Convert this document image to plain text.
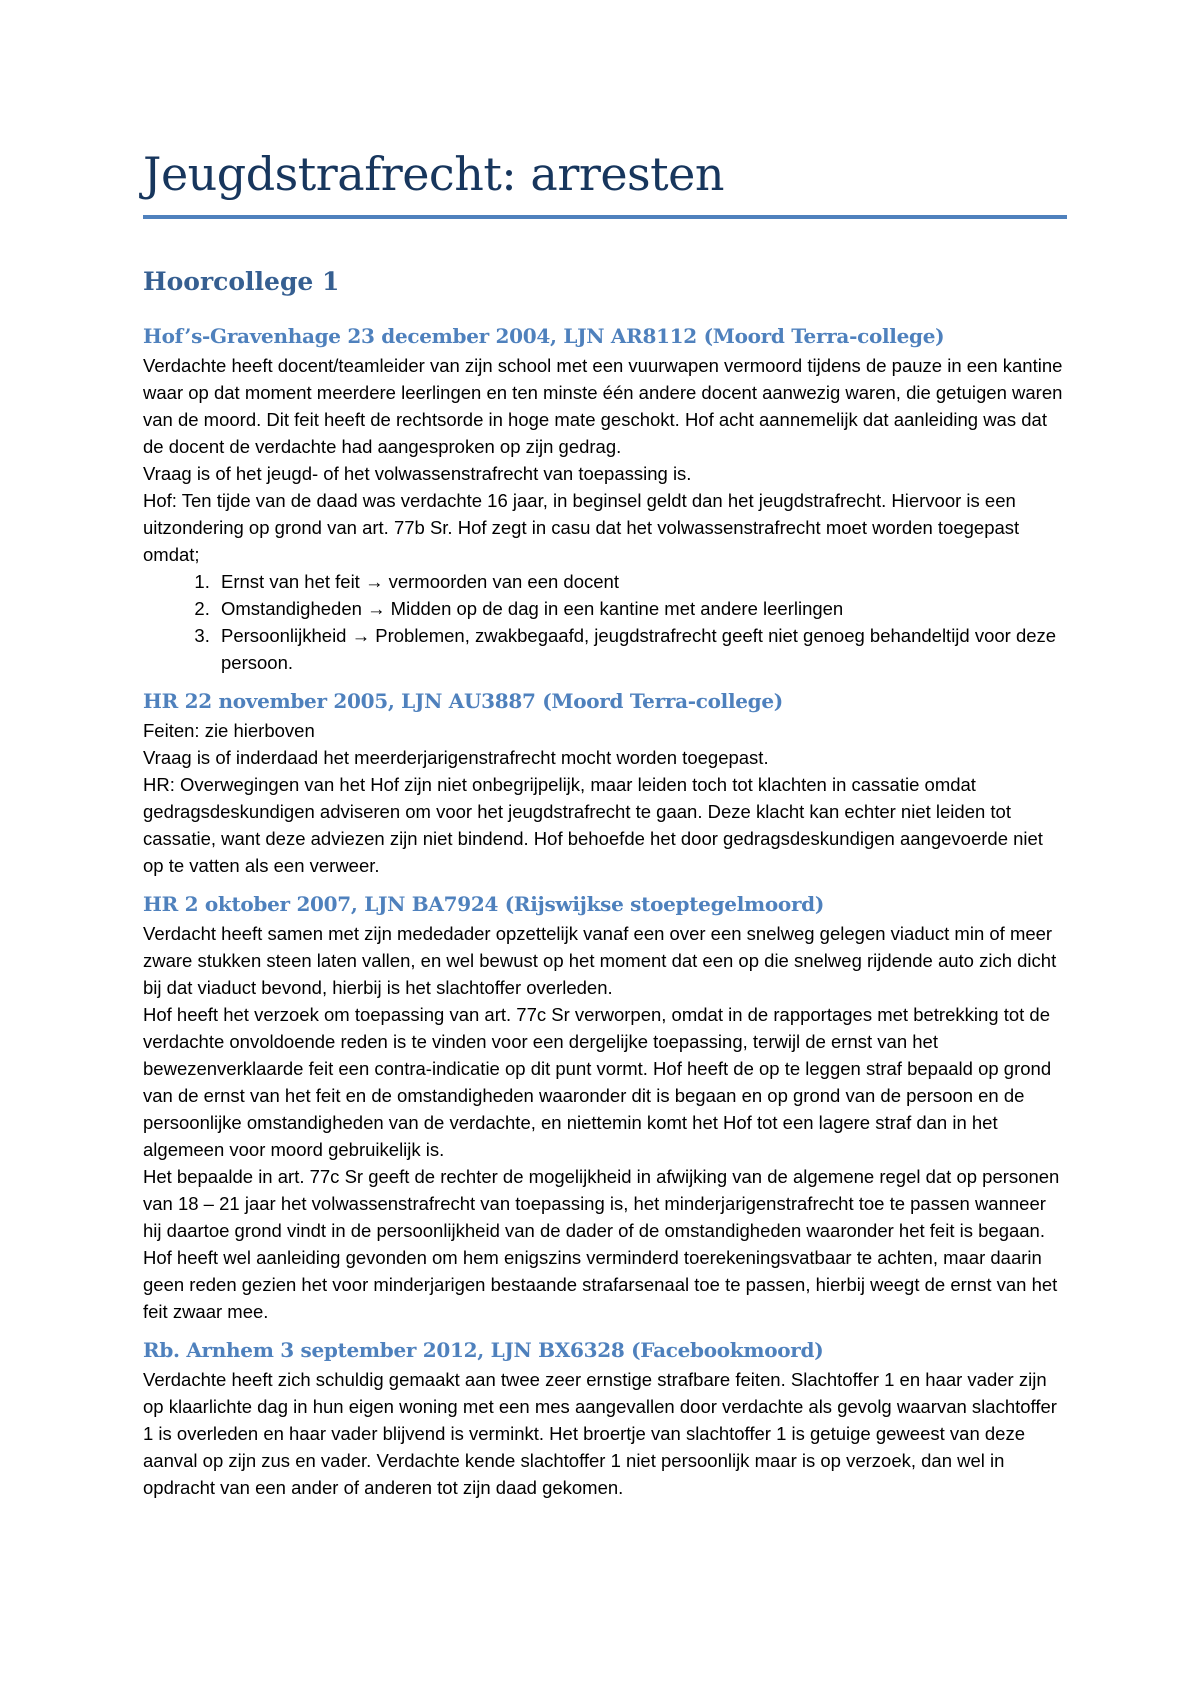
Jeugdstrafrecht: arresten
Hoorcollege 1
Hof’s-Gravenhage 23 december 2004, LJN AR8112 (Moord Terra-college)

Verdachte heeft docent/teamleider van zijn school met een vuurwapen vermoord tijdens de pauze in een kantine waar op dat moment meerdere leerlingen en ten minste één andere docent aanwezig waren, die getuigen waren van de moord. Dit feit heeft de rechtsorde in hoge mate geschokt. Hof acht aannemelijk dat aanleiding was dat de docent de verdachte had aangesproken op zijn gedrag.

Vraag is of het jeugd- of het volwassenstrafrecht van toepassing is.

Hof: Ten tijde van de daad was verdachte 16 jaar, in beginsel geldt dan het jeugdstrafrecht. Hiervoor is een uitzondering op grond van art. 77b Sr. Hof zegt in casu dat het volwassenstrafrecht moet worden toegepast omdat;

1. Ernst van het feit → vermoorden van een docent
2. Omstandigheden → Midden op de dag in een kantine met andere leerlingen
3. Persoonlijkheid → Problemen, zwakbegaafd, jeugdstrafrecht geeft niet genoeg behandeltijd voor deze persoon.
HR 22 november 2005, LJN AU3887 (Moord Terra-college)

Feiten: zie hierboven

Vraag is of inderdaad het meerderjarigenstrafrecht mocht worden toegepast.

HR: Overwegingen van het Hof zijn niet onbegrijpelijk, maar leiden toch tot klachten in cassatie omdat gedragsdeskundigen adviseren om voor het jeugdstrafrecht te gaan. Deze klacht kan echter niet leiden tot cassatie, want deze adviezen zijn niet bindend. Hof behoefde het door gedragsdeskundigen aangevoerde niet op te vatten als een verweer.

HR 2 oktober 2007, LJN BA7924 (Rijswijkse stoeptegelmoord)

Verdacht heeft samen met zijn mededader opzettelijk vanaf een over een snelweg gelegen viaduct min of meer zware stukken steen laten vallen, en wel bewust op het moment dat een op die snelweg rijdende auto zich dicht bij dat viaduct bevond, hierbij is het slachtoffer overleden.

Hof heeft het verzoek om toepassing van art. 77c Sr verworpen, omdat in de rapportages met betrekking tot de verdachte onvoldoende reden is te vinden voor een dergelijke toepassing, terwijl de ernst van het bewezenverklaarde feit een contra-indicatie op dit punt vormt. Hof heeft de op te leggen straf bepaald op grond van de ernst van het feit en de omstandigheden waaronder dit is begaan en op grond van de persoon en de persoonlijke omstandigheden van de verdachte, en niettemin komt het Hof tot een lagere straf dan in het algemeen voor moord gebruikelijk is.

Het bepaalde in art. 77c Sr geeft de rechter de mogelijkheid in afwijking van de algemene regel dat op personen van 18 – 21 jaar het volwassenstrafrecht van toepassing is, het minderjarigenstrafrecht toe te passen wanneer hij daartoe grond vindt in de persoonlijkheid van de dader of de omstandigheden waaronder het feit is begaan. Hof heeft wel aanleiding gevonden om hem enigszins verminderd toerekeningsvatbaar te achten, maar daarin geen reden gezien het voor minderjarigen bestaande strafarsenaal toe te passen, hierbij weegt de ernst van het feit zwaar mee.

Rb. Arnhem 3 september 2012, LJN BX6328 (Facebookmoord)

Verdachte heeft zich schuldig gemaakt aan twee zeer ernstige strafbare feiten. Slachtoffer 1 en haar vader zijn op klaarlichte dag in hun eigen woning met een mes aangevallen door verdachte als gevolg waarvan slachtoffer 1 is overleden en haar vader blijvend is verminkt. Het broertje van slachtoffer 1 is getuige geweest van deze aanval op zijn zus en vader. Verdachte kende slachtoffer 1 niet persoonlijk maar is op verzoek, dan wel in opdracht van een ander of anderen tot zijn daad gekomen.
